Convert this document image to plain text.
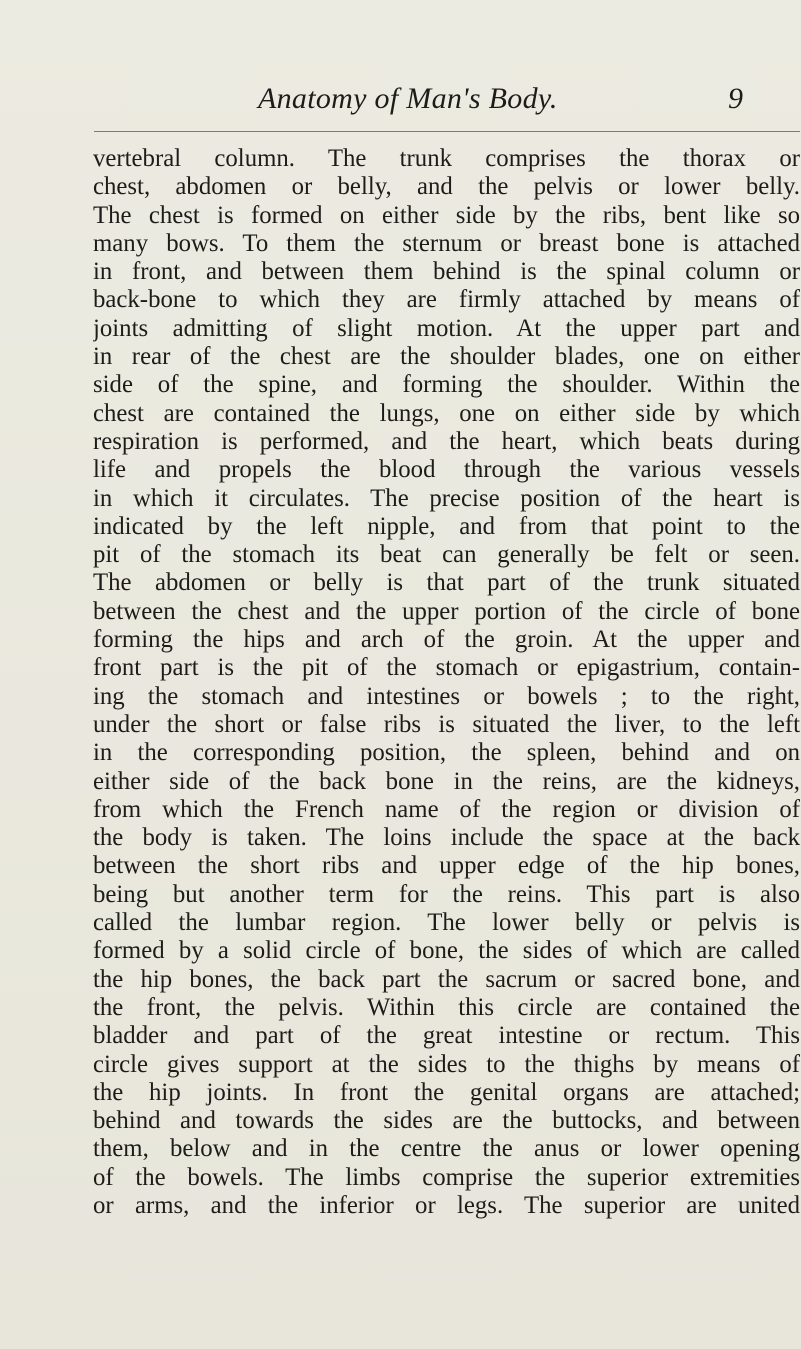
Anatomy of Man's Body.	9
vertebral column. The trunk comprises the thorax or
chest, abdomen or belly, and the pelvis or lower belly.
The chest is formed on either side by the ribs, bent like so
many bows. To them the sternum or breast bone is attached
in front, and between them behind is the spinal column or
back-bone to which they are firmly attached by means of
joints admitting of slight motion. At the upper part and
in rear of the chest are the shoulder blades, one on either
side of the spine, and forming the shoulder. Within the
chest are contained the lungs, one on either side by which
respiration is performed, and the heart, which beats during
life and propels the blood through the various vessels
in which it circulates. The precise position of the heart is
indicated by the left nipple, and from that point to the
pit of the stomach its beat can generally be felt or seen.
The abdomen or belly is that part of the trunk situated
between the chest and the upper portion of the circle of bone
forming the hips and arch of the groin. At the upper and
front part is the pit of the stomach or epigastrium, contain-
ing the stomach and intestines or bowels ; to the right,
under the short or false ribs is situated the liver, to the left
in the corresponding position, the spleen, behind and on
either side of the back bone in the reins, are the kidneys,
from which the French name of the region or division of
the body is taken. The loins include the space at the back
between the short ribs and upper edge of the hip bones,
being but another term for the reins. This part is also
called the lumbar region. The lower belly or pelvis is
formed by a solid circle of bone, the sides of which are called
the hip bones, the back part the sacrum or sacred bone, and
the front, the pelvis. Within this circle are contained the
bladder and part of the great intestine or rectum. This
circle gives support at the sides to the thighs by means of
the hip joints. In front the genital organs are attached;
behind and towards the sides are the buttocks, and between
them, below and in the centre the anus or lower opening
of the bowels. The limbs comprise the superior extremities
or arms, and the inferior or legs. The superior are united
